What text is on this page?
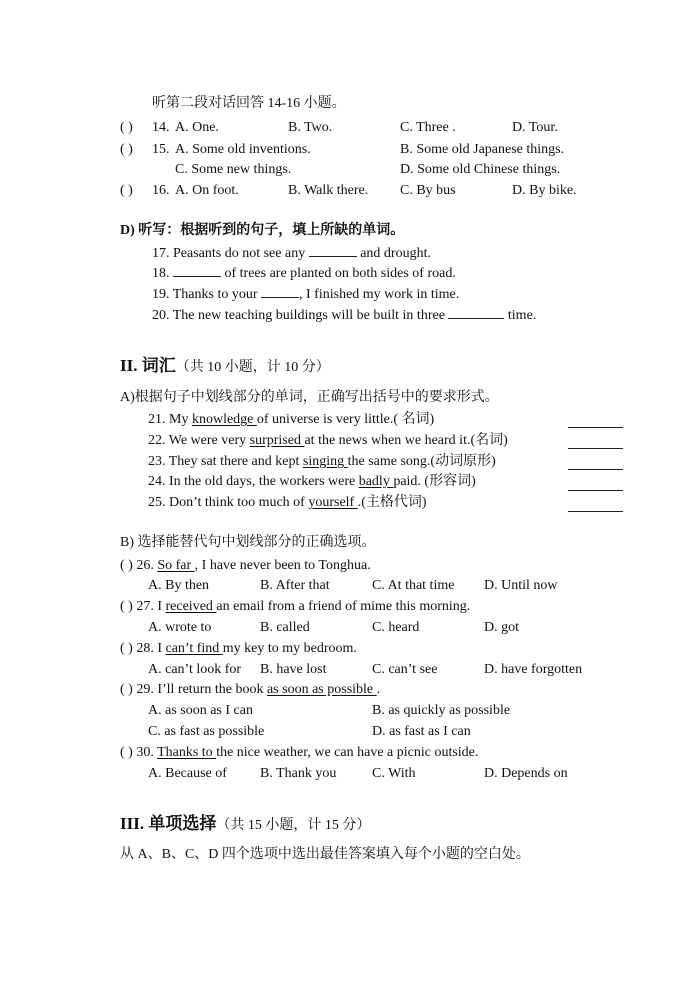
听第二段对话回答 14-16 小题。
( ) 14. A. One.	B. Two.	C. Three .	D. Tour.
( ) 15. A. Some old inventions.	B. Some old Japanese things.
C. Some new things.	D. Some old Chinese things.
( ) 16. A. On foot.	B. Walk there. C. By bus	D. By bike.
D) 听写：根据听到的句子，填上所缺的单词。
17. Peasants do not see any	and drought.
18.	of trees are planted on both sides of road.
19. Thanks to your	, I finished my work in time.
20. The new teaching buildings will be built in three	time.
II. 词汇（共 10 小题，计 10 分）
A)根据句子中划线部分的单词，正确写出括号中的要求形式。
21. My knowledge of universe is very little.( 名词)
22. We were very surprised at the news when we heard it.(名词)
23. They sat there and kept singing the same song.(动词原形)
24. In the old days, the workers were badly paid. (形容词)
25. Don’t think too much of yourself .(主格代词)
B) 选择能替代句中划线部分的正确选项。
( ) 26. So far , I have never been to Tonghua.
A. By then	B. After that	C. At that time D. Until now
( ) 27. I received an email from a friend of mime this morning.
A. wrote to	B. called	C. heard	D. got
( ) 28. I can’t find my key to my bedroom.
A. can’t look for B. have lost	C. can’t see	D. have forgotten
( ) 29. I’ll return the book as soon as possible .
A. as soon as I can	B. as quickly as possible
C. as fast as possible	D. as fast as I can
( ) 30. Thanks to the nice weather, we can have a picnic outside.
A. Because of B. Thank you	C. With	D. Depends on
III. 单项选择（共 15 小题，计 15 分）
从 A、B、C、D 四个选项中选出最佳答案填入每个小题的空白处。
